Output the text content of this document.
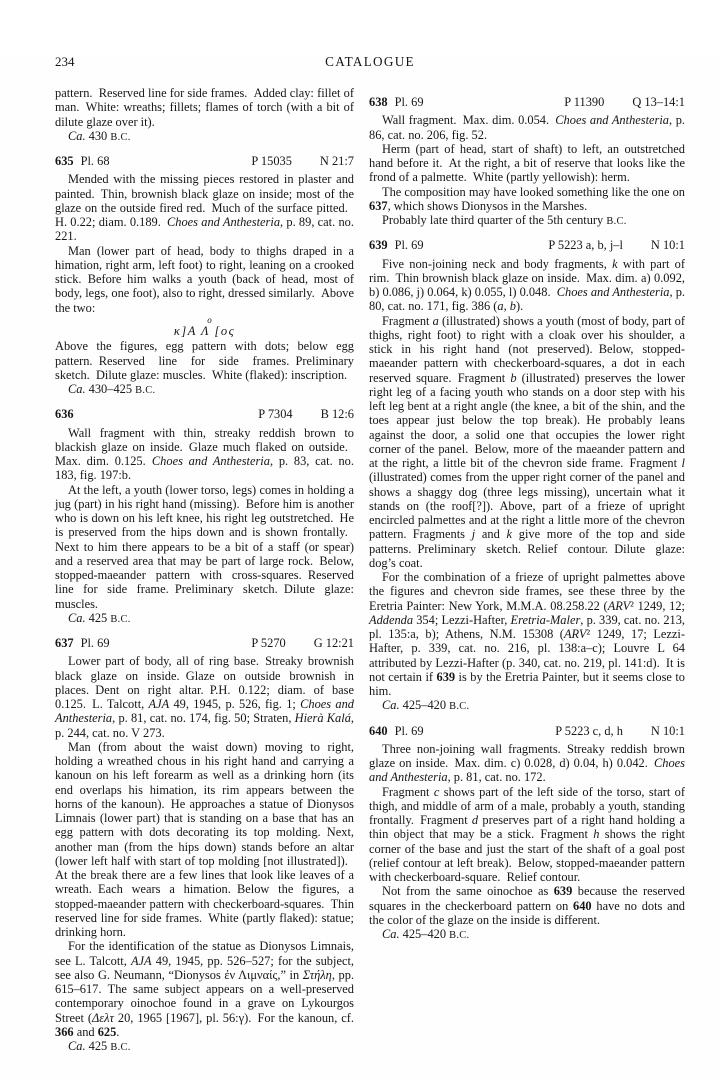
234	CATALOGUE

pattern. Reserved line for side frames. Added clay: fillet of man. White: wreaths; fillets; flames of torch (with a bit of dilute glaze over it).

Ca. 430 B.C.

635 Pl. 68	P 15035 N 21:7

Mended with the missing pieces restored in plaster and painted. Thin, brownish black glaze on inside; most of the glaze on the outside fired red. Much of the surface pitted. H. 0.22; diam. 0.189. Choes and Anthesteria, p. 89, cat. no. 221.

Man (lower part of head, body to thighs draped in a himation, right arm, left foot) to right, leaning on a crooked stick. Before him walks a youth (back of head, most of body, legs, one foot), also to right, dressed similarly. Above the two:

ο
κ]Α Λ [ος

Above the figures, egg pattern with dots; below egg pattern. Reserved line for side frames. Preliminary sketch. Dilute glaze: muscles. White (flaked): inscription.

Ca. 430–425 B.C.

636	P 7304 B 12:6

Wall fragment with thin, streaky reddish brown to blackish glaze on inside. Glaze much flaked on outside. Max. dim. 0.125. Choes and Anthesteria, p. 83, cat. no. 183, fig. 197:b.

At the left, a youth (lower torso, legs) comes in holding a jug (part) in his right hand (missing). Before him is another who is down on his left knee, his right leg outstretched. He is preserved from the hips down and is shown frontally. Next to him there appears to be a bit of a staff (or spear) and a reserved area that may be part of large rock. Below, stopped-maeander pattern with cross-squares. Reserved line for side frame. Preliminary sketch. Dilute glaze: muscles.

Ca. 425 B.C.

637 Pl. 69	P 5270 G 12:21

Lower part of body, all of ring base. Streaky brownish black glaze on inside. Glaze on outside brownish in places. Dent on right altar. P.H. 0.122; diam. of base 0.125. L. Talcott, AJA 49, 1945, p. 526, fig. 1; Choes and Anthesteria, p. 81, cat. no. 174, fig. 50; Straten, Hierà Kalá, p. 244, cat. no. V 273.

Man (from about the waist down) moving to right, holding a wreathed chous in his right hand and carrying a kanoun on his left forearm as well as a drinking horn (its end overlaps his himation, its rim appears between the horns of the kanoun). He approaches a statue of Dionysos Limnais (lower part) that is standing on a base that has an egg pattern with dots decorating its top molding. Next, another man (from the hips down) stands before an altar (lower left half with start of top molding [not illustrated]). At the break there are a few lines that look like leaves of a wreath. Each wears a himation. Below the figures, a stopped-maeander pattern with checkerboard-squares. Thin reserved line for side frames. White (partly flaked): statue; drinking horn.

For the identification of the statue as Dionysos Limnais, see L. Talcott, AJA 49, 1945, pp. 526–527; for the subject, see also G. Neumann, “Dionysos ἐν Λιμναίς,” in Στήλη, pp. 615–617. The same subject appears on a well-preserved contemporary oinochoe found in a grave on Lykourgos Street (Δελτ 20, 1965 [1967], pl. 56:γ). For the kanoun, cf. 366 and 625.

Ca. 425 B.C.

638 Pl. 69	P 11390 Q 13–14:1

Wall fragment. Max. dim. 0.054. Choes and Anthesteria, p. 86, cat. no. 206, fig. 52.

Herm (part of head, start of shaft) to left, an outstretched hand before it. At the right, a bit of reserve that looks like the frond of a palmette. White (partly yellowish): herm.

The composition may have looked something like the one on 637, which shows Dionysos in the Marshes.

Probably late third quarter of the 5th century B.C.

639 Pl. 69	P 5223 a, b, j–l N 10:1

Five non-joining neck and body fragments, k with part of rim. Thin brownish black glaze on inside. Max. dim. a) 0.092, b) 0.086, j) 0.064, k) 0.055, l) 0.048. Choes and Anthesteria, p. 80, cat. no. 171, fig. 386 (a, b).

Fragment a (illustrated) shows a youth (most of body, part of thighs, right foot) to right with a cloak over his shoulder, a stick in his right hand (not preserved). Below, stopped-maeander pattern with checkerboard-squares, a dot in each reserved square. Fragment b (illustrated) preserves the lower right leg of a facing youth who stands on a door step with his left leg bent at a right angle (the knee, a bit of the shin, and the toes appear just below the top break). He probably leans against the door, a solid one that occupies the lower right corner of the panel. Below, more of the maeander pattern and at the right, a little bit of the chevron side frame. Fragment l (illustrated) comes from the upper right corner of the panel and shows a shaggy dog (three legs missing), uncertain what it stands on (the roof[?]). Above, part of a frieze of upright encircled palmettes and at the right a little more of the chevron pattern. Fragments j and k give more of the top and side patterns. Preliminary sketch. Relief contour. Dilute glaze: dog’s coat.

For the combination of a frieze of upright palmettes above the figures and chevron side frames, see these three by the Eretria Painter: New York, M.M.A. 08.258.22 (ARV² 1249, 12; Addenda 354; Lezzi-Hafter, Eretria-Maler, p. 339, cat. no. 213, pl. 135:a, b); Athens, N.M. 15308 (ARV² 1249, 17; Lezzi-Hafter, p. 339, cat. no. 216, pl. 138:a–c); Louvre L 64 attributed by Lezzi-Hafter (p. 340, cat. no. 219, pl. 141:d). It is not certain if 639 is by the Eretria Painter, but it seems close to him.

Ca. 425–420 B.C.

640 Pl. 69	P 5223 c, d, h N 10:1

Three non-joining wall fragments. Streaky reddish brown glaze on inside. Max. dim. c) 0.028, d) 0.04, h) 0.042. Choes and Anthesteria, p. 81, cat. no. 172.

Fragment c shows part of the left side of the torso, start of thigh, and middle of arm of a male, probably a youth, standing frontally. Fragment d preserves part of a right hand holding a thin object that may be a stick. Fragment h shows the right corner of the base and just the start of the shaft of a goal post (relief contour at left break). Below, stopped-maeander pattern with checkerboard-square. Relief contour.

Not from the same oinochoe as 639 because the reserved squares in the checkerboard pattern on 640 have no dots and the color of the glaze on the inside is different.

Ca. 425–420 B.C.
